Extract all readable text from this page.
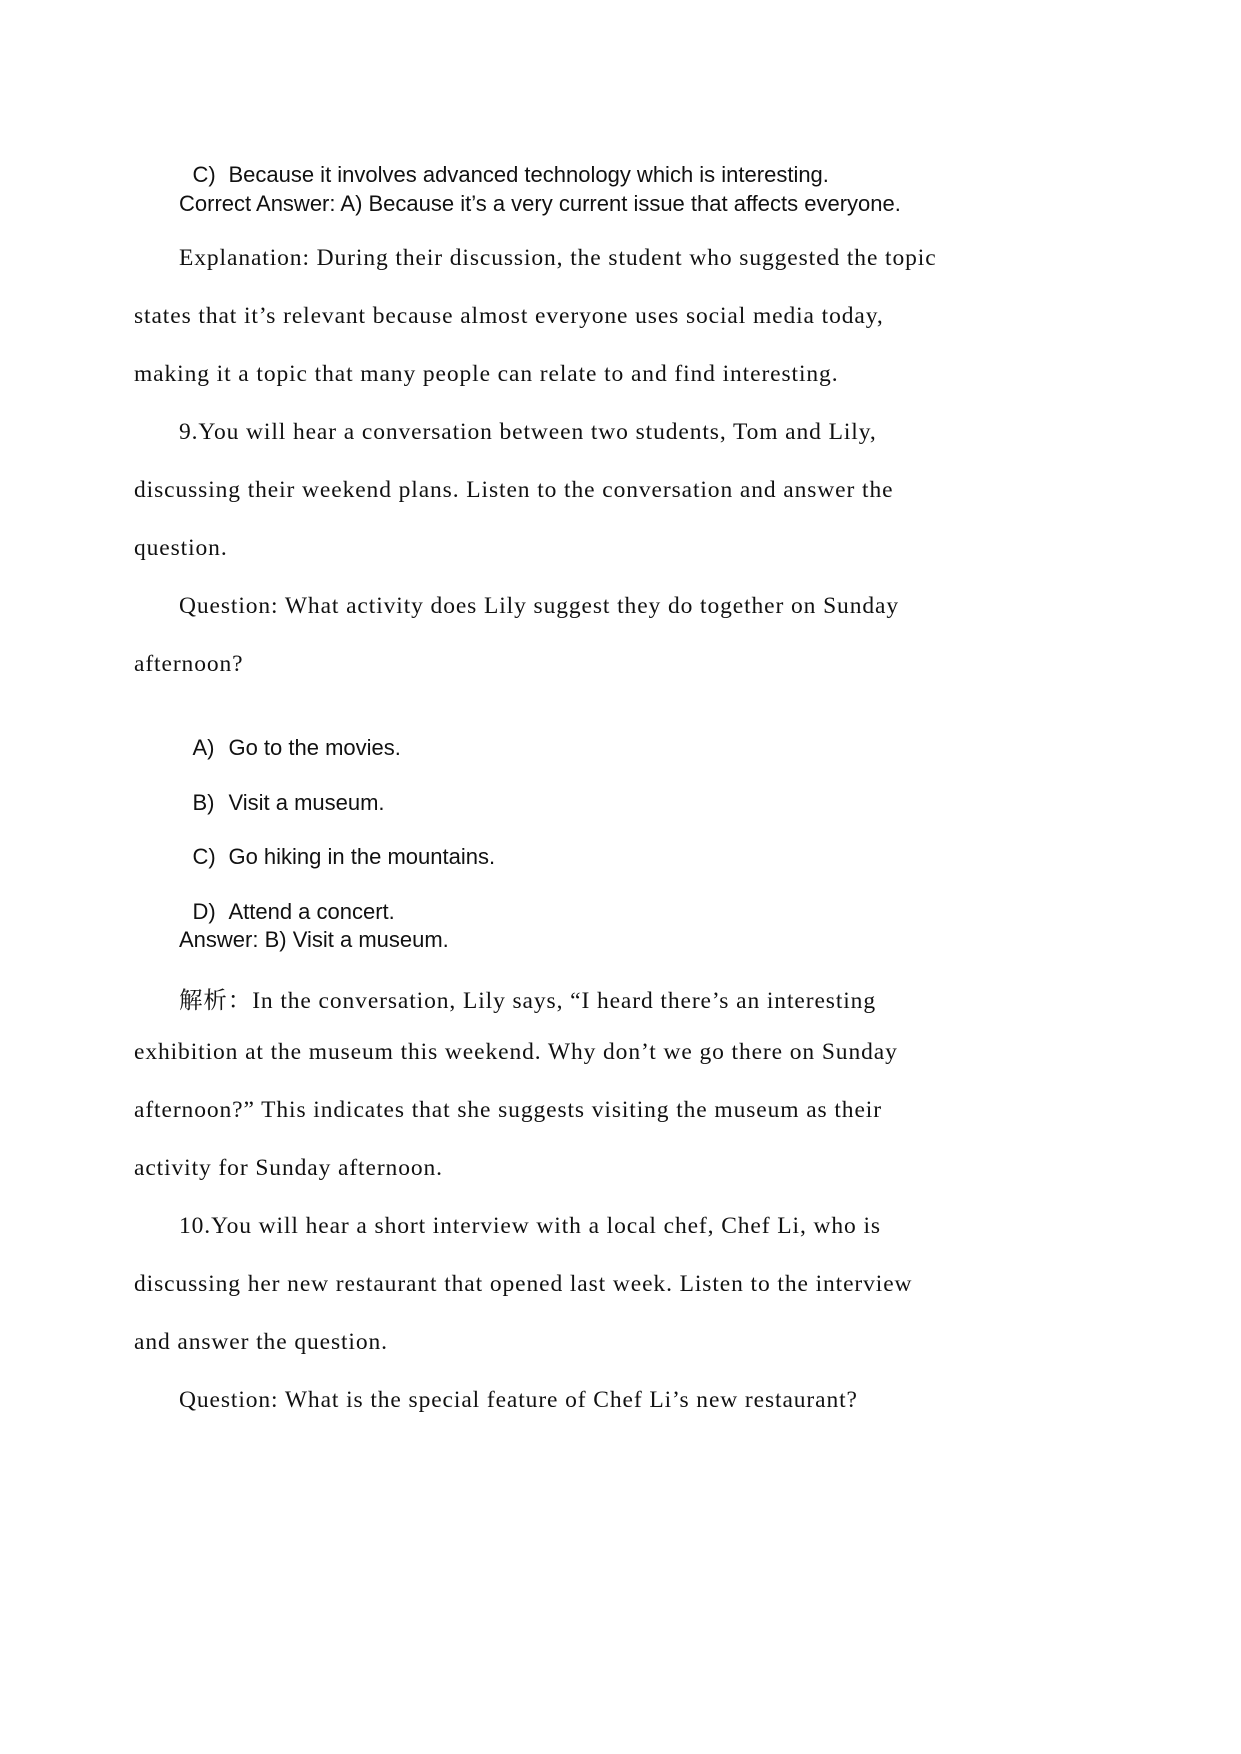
C) Because it involves advanced technology which is interesting.

Correct Answer: A) Because it’s a very current issue that affects everyone.
Explanation: During their discussion, the student who suggested the topic
states that it’s relevant because almost everyone uses social media today,
making it a topic that many people can relate to and find interesting.
9.You will hear a conversation between two students, Tom and Lily,
discussing their weekend plans. Listen to the conversation and answer the
question.
Question: What activity does Lily suggest they do together on Sunday
afternoon?

A) Go to the movies.

B) Visit a museum.

C) Go hiking in the mountains.

D) Attend a concert.

Answer: B) Visit a museum.
解析：In the conversation, Lily says, “I heard there’s an interesting
exhibition at the museum this weekend. Why don’t we go there on Sunday
afternoon?” This indicates that she suggests visiting the museum as their
activity for Sunday afternoon.
10.You will hear a short interview with a local chef, Chef Li, who is
discussing her new restaurant that opened last week. Listen to the interview
and answer the question.
Question: What is the special feature of Chef Li’s new restaurant?
